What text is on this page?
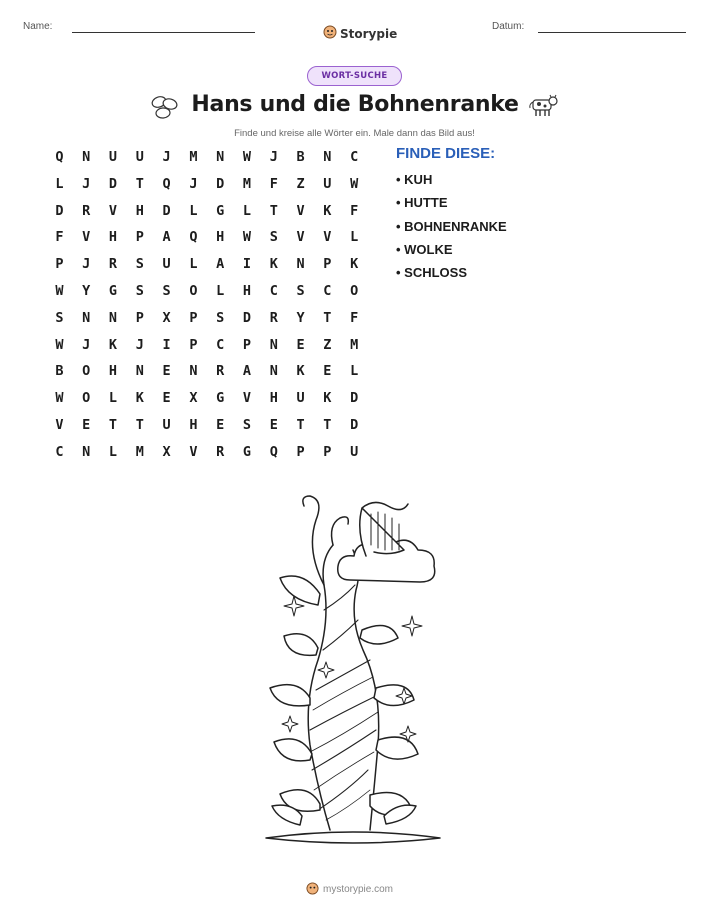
Name:	Storypie	Datum:
WORT-SUCHE
Hans und die Bohnenranke
Finde und kreise alle Wörter ein. Male dann das Bild aus!
Q	N	U	U	J	M	N	W	J	B	N	C
L	J	D	T	Q	J	D	M	F	Z	U	W
D	R	V	H	D	L	G	L	T	V	K	F
F	V	H	P	A	Q	H	W	S	V	V	L
P	J	R	S	U	L	A	I	K	N	P	K
W	Y	G	S	S	O	L	H	C	S	C	O
S	N	N	P	X	P	S	D	R	Y	T	F
W	J	K	J	I	P	C	P	N	E	Z	M
B	O	H	N	E	N	R	A	N	K	E	L
W	O	L	K	E	X	G	V	H	U	K	D
V	E	T	T	U	H	E	S	E	T	T	D
C	N	L	M	X	V	R	G	Q	P	P	U
FINDE DIESE:
• KUH
• HUTTE
• BOHNENRANKE
• WOLKE
• SCHLOSS
mystorypie.com
